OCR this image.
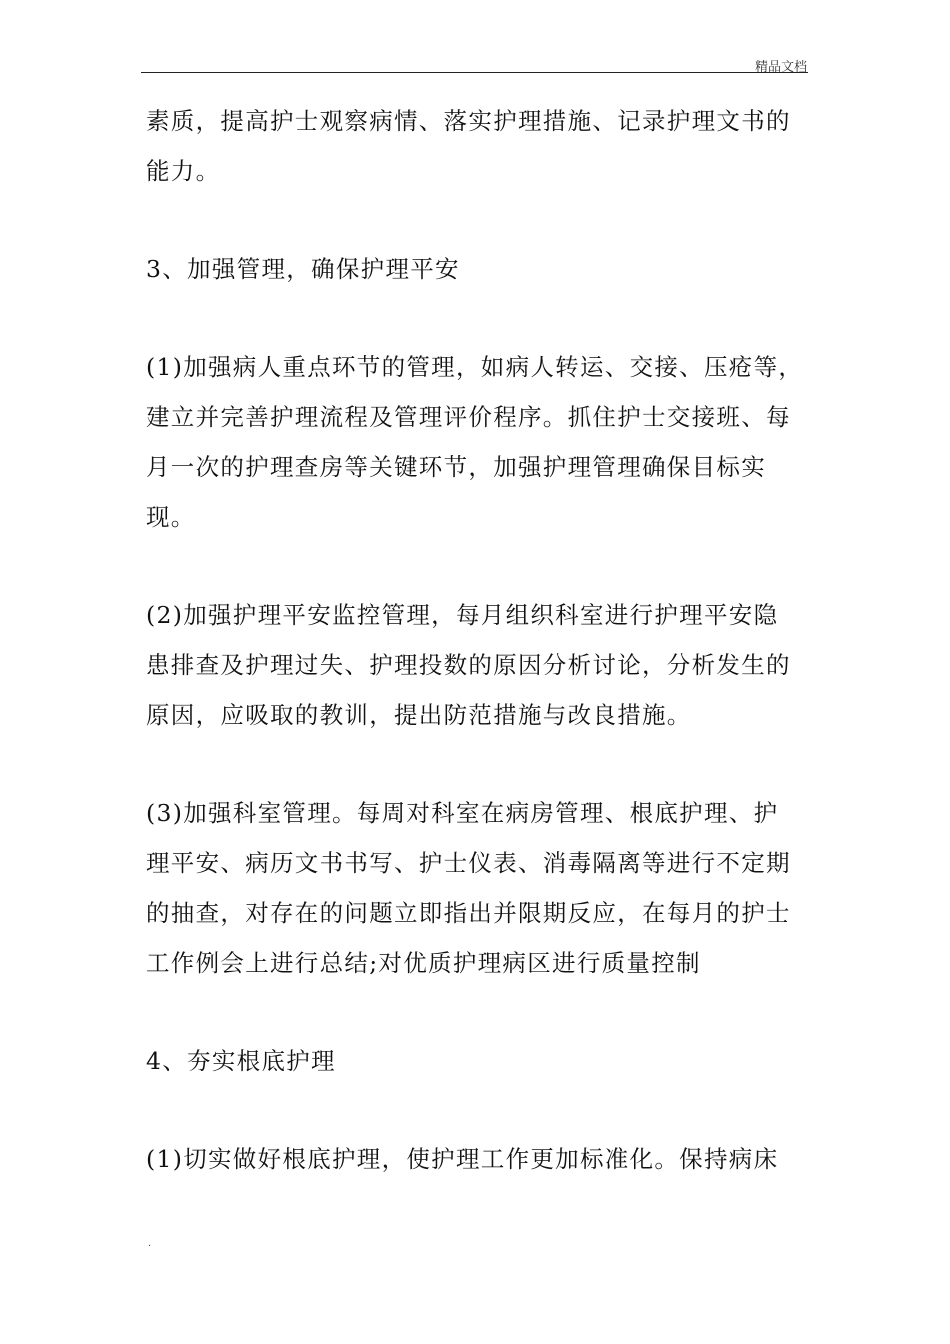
精品文档
素质，提高护士观察病情、落实护理措施、记录护理文书的
能力。
3、加强管理，确保护理平安
(1)加强病人重点环节的管理，如病人转运、交接、压疮等，
建立并完善护理流程及管理评价程序。抓住护士交接班、每
月一次的护理查房等关键环节，加强护理管理确保目标实
现。
(2)加强护理平安监控管理，每月组织科室进行护理平安隐
患排查及护理过失、护理投数的原因分析讨论，分析发生的
原因，应吸取的教训，提出防范措施与改良措施。
(3)加强科室管理。每周对科室在病房管理、根底护理、护
理平安、病历文书书写、护士仪表、消毒隔离等进行不定期
的抽查，对存在的问题立即指出并限期反应，在每月的护士
工作例会上进行总结;对优质护理病区进行质量控制
4、夯实根底护理
(1)切实做好根底护理，使护理工作更加标准化。保持病床
.
